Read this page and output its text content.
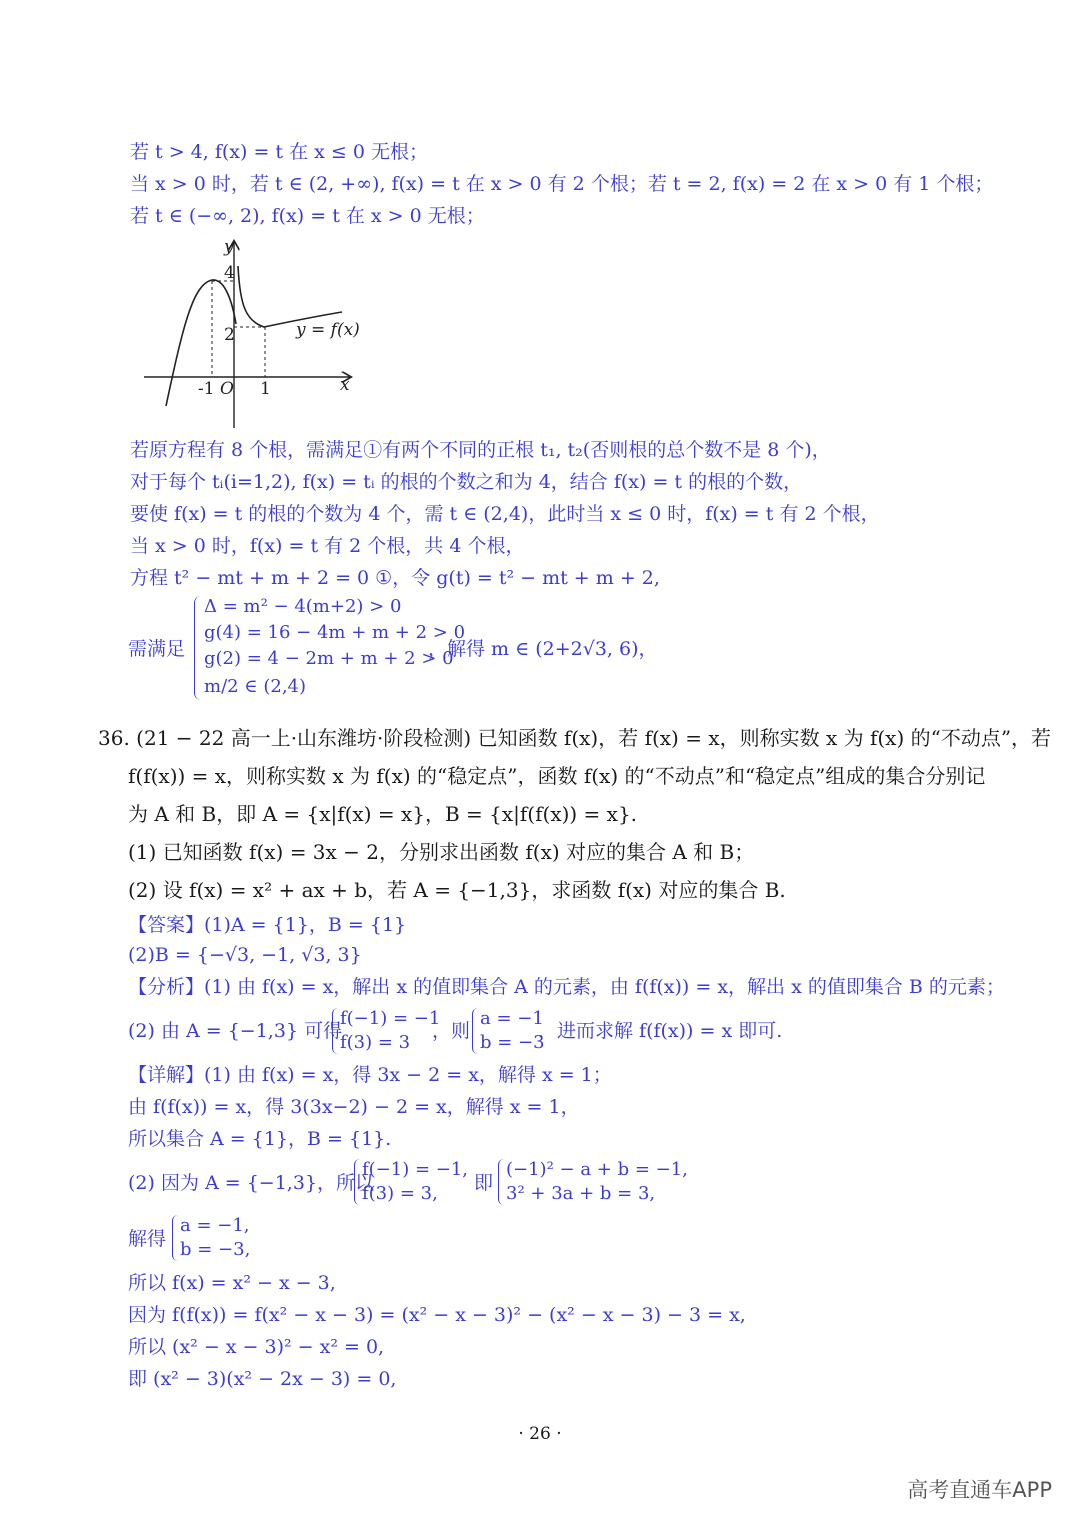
若 t > 4, f(x) = t 在 x ≤ 0 无根；
当 x > 0 时，若 t ∈ (2, +∞), f(x) = t 在 x > 0 有 2 个根；若 t = 2, f(x) = 2 在 x > 0 有 1 个根；
若 t ∈ (−∞, 2), f(x) = t 在 x > 0 无根；
y
x
O
-1	1
4
2	y = f(x)
若原方程有 8 个根，需满足①有两个不同的正根 t₁, t₂(否则根的总个数不是 8 个)，
对于每个 tᵢ(i=1,2), f(x) = tᵢ 的根的个数之和为 4，结合 f(x) = t 的根的个数，
要使 f(x) = t 的根的个数为 4 个，需 t ∈ (2,4)，此时当 x ≤ 0 时，f(x) = t 有 2 个根，
当 x > 0 时，f(x) = t 有 2 个根，共 4 个根，
方程 t² − mt + m + 2 = 0 ①，令 g(t) = t² − mt + m + 2,
需满足
Δ = m² − 4(m+2) > 0
g(4) = 16 − 4m + m + 2 > 0
g(2) = 4 − 2m + m + 2 > 0
m/2 ∈ (2,4)
，解得 m ∈ (2+2√3, 6)，
36. (21 − 22 高一上·山东潍坊·阶段检测) 已知函数 f(x)，若 f(x) = x，则称实数 x 为 f(x) 的“不动点”，若
f(f(x)) = x，则称实数 x 为 f(x) 的“稳定点”，函数 f(x) 的“不动点”和“稳定点”组成的集合分别记
为 A 和 B，即 A = {x|f(x) = x}，B = {x|f(f(x)) = x}.
(1) 已知函数 f(x) = 3x − 2，分别求出函数 f(x) 对应的集合 A 和 B；
(2) 设 f(x) = x² + ax + b，若 A = {−1,3}，求函数 f(x) 对应的集合 B.
【答案】(1)A = {1}，B = {1}
(2)B = {−√3, −1, √3, 3}
【分析】(1) 由 f(x) = x，解出 x 的值即集合 A 的元素，由 f(f(x)) = x，解出 x 的值即集合 B 的元素；
(2) 由 A = {−1,3} 可得
f(−1) = −1
f(3) = 3
，则
a = −1
b = −3
，进而求解 f(f(x)) = x 即可.
【详解】(1) 由 f(x) = x，得 3x − 2 = x，解得 x = 1；
由 f(f(x)) = x，得 3(3x−2) − 2 = x，解得 x = 1，
所以集合 A = {1}，B = {1}.
(2) 因为 A = {−1,3}，所以
f(−1) = −1,
f(3) = 3, 即
(−1)² − a + b = −1,
3² + 3a + b = 3,
解得
a = −1,
b = −3,
所以 f(x) = x² − x − 3,
因为 f(f(x)) = f(x² − x − 3) = (x² − x − 3)² − (x² − x − 3) − 3 = x,
所以 (x² − x − 3)² − x² = 0,
即 (x² − 3)(x² − 2x − 3) = 0,
· 26 ·
高考直通车APP
